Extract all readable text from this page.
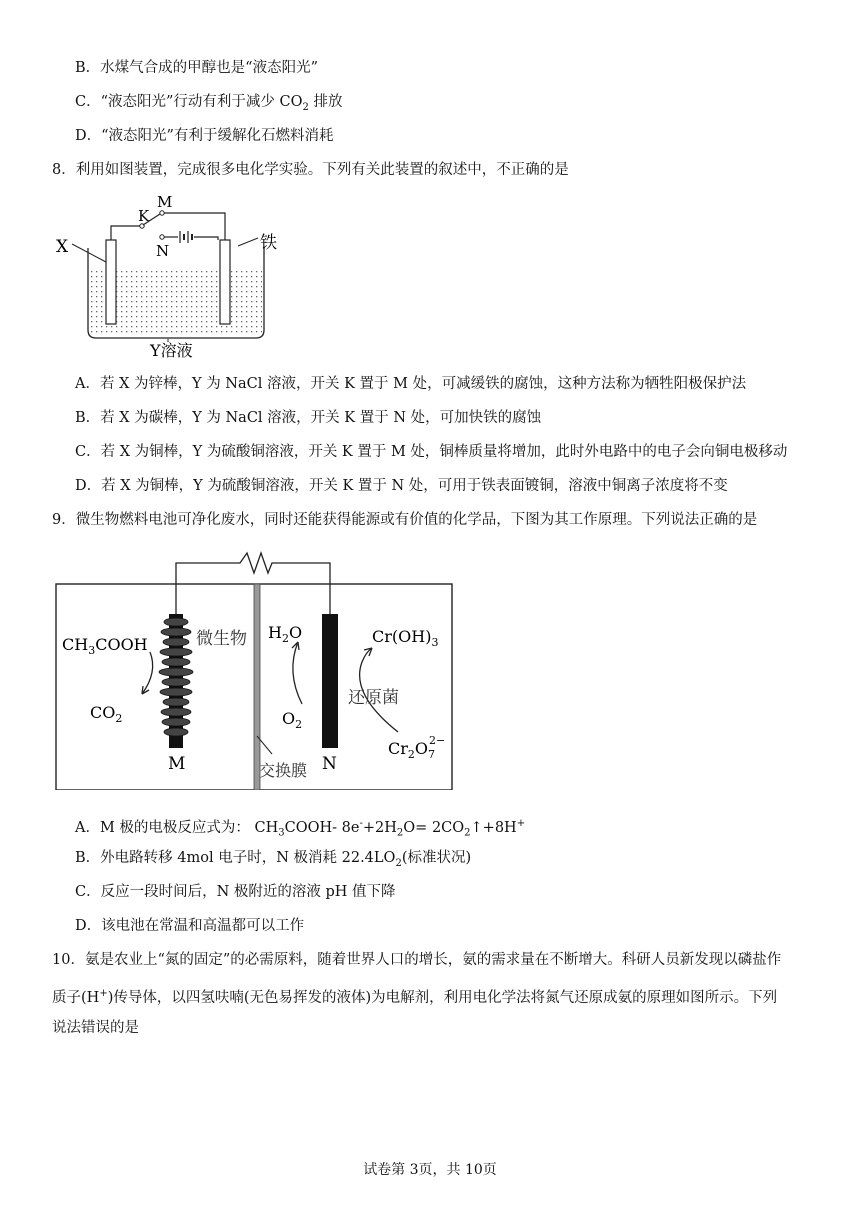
B．水煤气合成的甲醇也是“液态阳光”
C．“液态阳光”行动有利于减少 $CO_2$ 排放
D．“液态阳光”有利于缓解化石燃料消耗
8．利用如图装置，完成很多电化学实验。下列有关此装置的叙述中，不正确的是
X
K
M
N	铁
Y溶液
A．若 X 为锌棒，Y 为 NaCl 溶液，开关 K 置于 M 处，可减缓铁的腐蚀，这种方法称为牺牲阳极保护法
B．若 X 为碳棒，Y 为 NaCl 溶液，开关 K 置于 N 处，可加快铁的腐蚀
C．若 X 为铜棒，Y 为硫酸铜溶液，开关 K 置于 M 处，铜棒质量将增加，此时外电路中的电子会向铜电极移动
D．若 X 为铜棒，Y 为硫酸铜溶液，开关 K 置于 N 处，可用于铁表面镀铜，溶液中铜离子浓度将不变
9．微生物燃料电池可净化废水，同时还能获得能源或有价值的化学品，下图为其工作原理。下列说法正确的是
$CH_3COOH$
$CO_2$
微生物
M	交换膜
$H_2O$
$O_2$
N
$Cr(OH)_3$
还原菌
$Cr_2O_72-$
A．M 极的电极反应式为： $CH_3COOH-$ $8e^-+2H_2O=$ $2CO_2↑+8H^+$
B．外电路转移 4mol 电子时，N 极消耗 $22.4LO_2$(标准状况)
C．反应一段时间后，N 极附近的溶液 pH 值下降
D．该电池在常温和高温都可以工作
10．氨是农业上“氮的固定”的必需原料，随着世界人口的增长，氨的需求量在不断增大。科研人员新发现以磷盐作
质子(H+)传导体，以四氢呋喃(无色易挥发的液体)为电解剂，利用电化学法将氮气还原成氨的原理如图所示。下列
说法错误的是
试卷第 3页，共 10页
